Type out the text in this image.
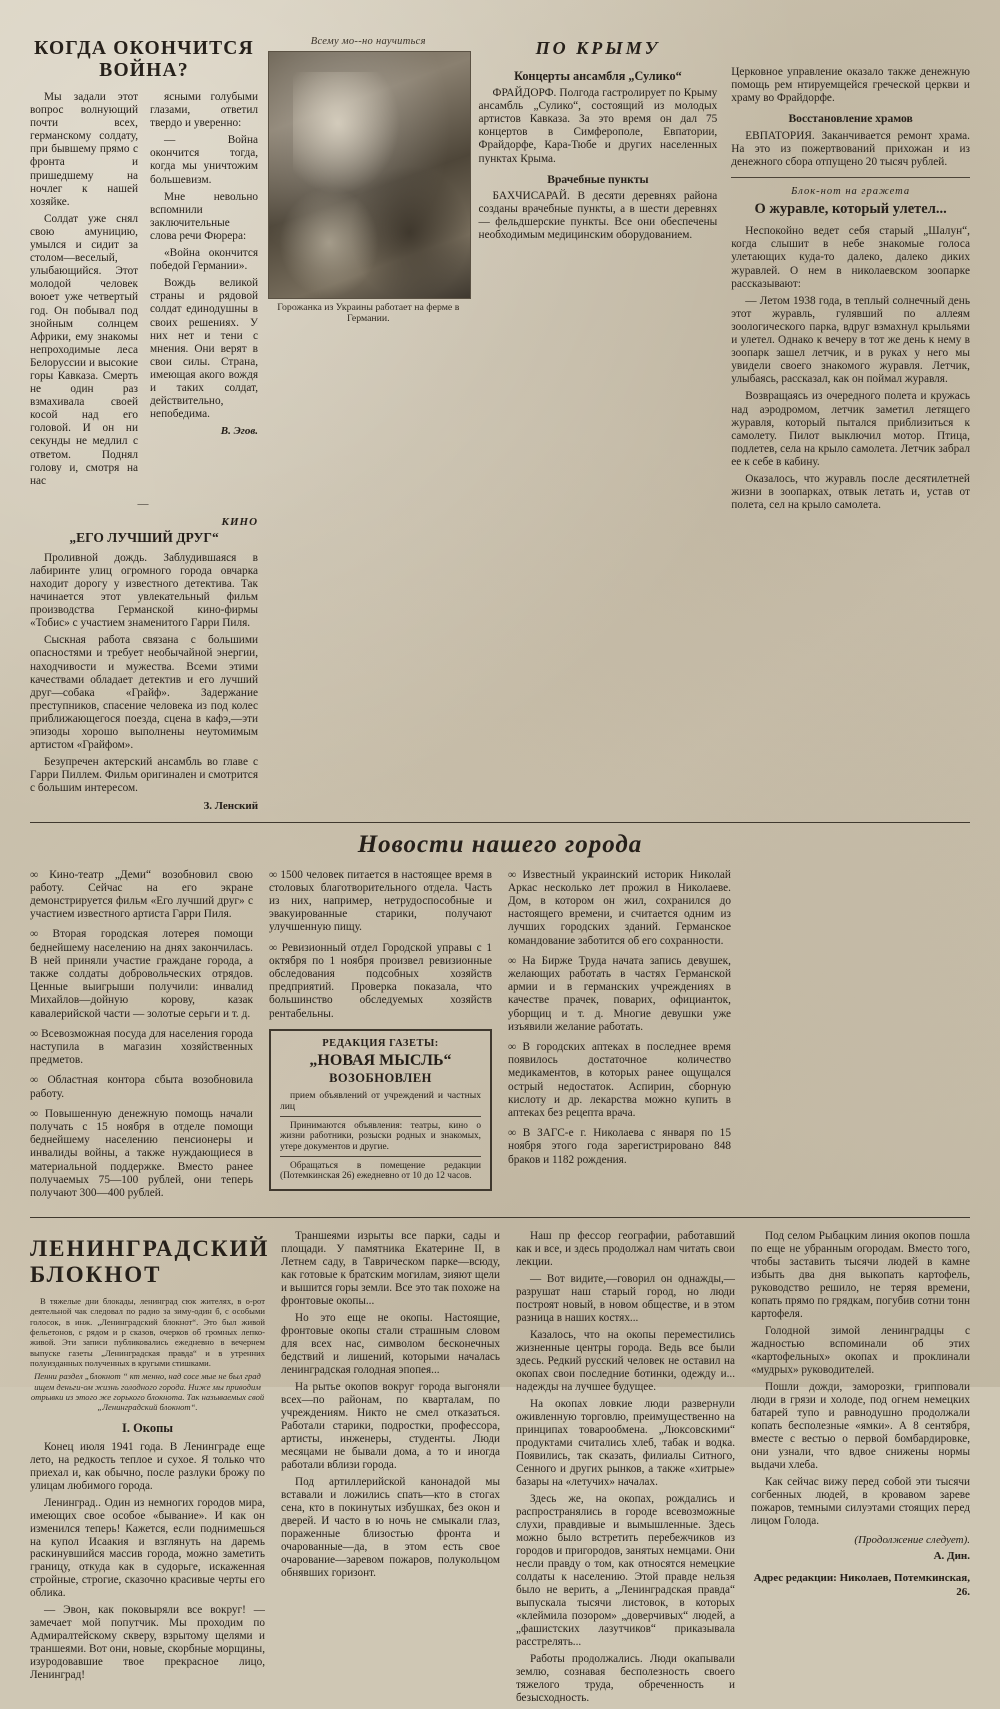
КОГДА ОКОНЧИТСЯ ВОЙНА?

Мы задали этот вопрос волнующий почти всех, германскому солдату, при бывшему прямо с фронта и пришедшему на ночлег к нашей хозяйке.

Солдат уже снял свою амуницию, умылся и сидит за столом—веселый, улыбающийся. Этот молодой человек воюет уже четвертый год. Он побывал под знойным солнцем Африки, ему знакомы непроходимые леса Белоруссии и высокие горы Кавказа. Смерть не один раз взмахивала своей косой над его головой. И он ни секунды не медлил с ответом. Поднял голову и, смотря на нас

ясными голубыми глазами, ответил твердо и уверенно:

— Война окончится тогда, когда мы уничтожим большевизм.

Мне невольно вспомнили заключительные слова речи Фюрера:

«Война окончится победой Германии».

Вождь великой страны и рядовой солдат единодушны в своих решениях. У них нет и тени с мнения. Они верят в свои силы. Страна, имеющая акого вождя и таких солдат, действительно, непобедима.

В. Эгов.
—
КИНО
„ЕГО ЛУЧШИЙ ДРУГ“

Проливной дождь. Заблудившаяся в лабиринте улиц огромного города овчарка находит дорогу у известного детектива. Так начинается этот увлекательный фильм производства Германской кино-фирмы «Тобис» с участием знаменитого Гарри Пиля.

Сыскная работа связана с большими опасностями и требует необычайной энергии, находчивости и мужества. Всеми этими качествами обладает детектив и его лучший друг—собака «Грайф». Задержание преступников, спасение человека из под колес приближающегося поезда, сцена в кафэ,—эти эпизоды хорошо выполнены неутомимым артистом «Грайфом».

Безупречен актерский ансамбль во главе с Гарри Пиллем. Фильм оригинален и смотрится с большим интересом.

З. Ленский
Всему мо--но научиться
Горожанка из Украины работает на ферме в Германии.
ПО КРЫМУ
Концерты ансамбля „Сулико“

ФРАЙДОРФ. Полгода гастролирует по Крыму ансамбль „Сулико“, состоящий из молодых артистов Кавказа. За это время он дал 75 концертов в Симферополе, Евпатории, Фрайдорфе, Кара-Тюбе и других населенных пунктах Крыма.

Врачебные пункты

БАХЧИСАРАЙ. В десяти деревнях района созданы врачебные пункты, а в шести деревнях — фельдшерские пункты. Все они обеспечены необходимым медицинским оборудованием.

Церковное управление оказало также денежную помощь рем нтируемщейся греческой церкви и храму во Фрайдорфе.

Восстановление храмов

ЕВПАТОРИЯ. Заканчивается ремонт храма. На это из пожертвований прихожан и из денежного сбора отпущено 20 тысяч рублей.

Блок-нот на гражета
О журавле, который улетел...

Неспокойно ведет себя старый „Шалун“, когда слышит в небе знакомые голоса улетающих куда-то далеко, далеко диких журавлей. О нем в николаевском зоопарке рассказывают:

— Летом 1938 года, в теплый солнечный день этот журавль, гулявший по аллеям зоологического парка, вдруг взмахнул крыльями и улетел. Однако к вечеру в тот же день к нему в зоопарк зашел летчик, и в руках у него мы увидели своего знакомого журавля. Летчик, улыбаясь, рассказал, как он поймал журавля.

Возвращаясь из очередного полета и кружась над аэродромом, летчик заметил летящего журавля, который пытался приблизиться к самолету. Пилот выключил мотор. Птица, подлетев, села на крыло самолета. Летчик забрал ее к себе в кабину.

Оказалось, что журавль после десятилетней жизни в зоопарках, отвык летать и, устав от полета, сел на крыло самолета.

Новости нашего города
∞ Кино-театр „Деми“ возобновил свою работу. Сейчас на его экране демонстрируется фильм «Его лучший друг» с участием известного артиста Гарри Пиля.
∞ Вторая городская лотерея помощи беднейшему населению на днях закончилась. В ней приняли участие граждане города, а также солдаты добровольческих отрядов. Ценные выигрыши получили: инвалид Михайлов—дойную корову, казак кавалерийской части — золотые серьги и т. д.
∞ Всевозможная посуда для населения города наступила в магазин хозяйственных предметов.
∞ Областная контора сбыта возобновила работу.
∞ Повышенную денежную помощь начали получать с 15 ноября в отделе помощи беднейшему населению пенсионеры и инвалиды войны, а также нуждающиеся в материальной поддержке. Вместо ранее получаемых 75—100 рублей, они теперь получают 300—400 рублей.
∞ 1500 человек питается в настоящее время в столовых благотворительного отдела. Часть из них, например, нетрудоспособные и эвакуированные старики, получают улучшенную пищу.
∞ Ревизионный отдел Городской управы с 1 октября по 1 ноября произвел ревизионные обследования подсобных хозяйств предприятий. Проверка показала, что большинство обследуемых хозяйств рентабельны.
РЕДАКЦИЯ ГАЗЕТЫ:
„НОВАЯ МЫСЛЬ“
ВОЗОБНОВЛЕН
прием объявлений от учреждений и частных лиц
Принимаются объявления: театры, кино о жизни работники, розыски родных и знакомых, утере документов и другие.
Обращаться в помещение редакции (Потемкинская 26) ежедневно от 10 до 12 часов.
∞ Известный украинский историк Николай Аркас несколько лет прожил в Николаеве. Дом, в котором он жил, сохранился до настоящего времени, и считается одним из лучших городских зданий. Германское командование заботится об его сохранности.
∞ На Бирже Труда начата запись девушек, желающих работать в частях Германской армии и в германских учреждениях в качестве прачек, поварих, официанток, уборщиц и т. д. Многие девушки уже изъявили желание работать.
∞ В городских аптеках в последнее время появилось достаточное количество медикаментов, в которых ранее ощущался острый недостаток. Аспирин, сборную кислоту и др. лекарства можно купить в аптеках без рецепта врача.
∞ В ЗАГС-е г. Николаева с января по 15 ноября этого года зарегистрировано 848 браков и 1182 рождения.
ЛЕНИНГРАДСКИЙ БЛОКНОТ
В тяжелые дни блокады, ленинград сюк жителях, в о-рот деятельной чак следовал по радио за зиму-один б, с особыми голосок, в инж. „Ленинградский блокнот“. Это был живой фельетонов, с рядом и р сказов, очерков об громных лепко- живой. Эти записи публиковались ежедневно в вечернем выпуске газеты „Ленинградская правда“ и в утренних полуизданных полученных в кругыми стишками.
Пенни раздел „блокнот “ кт менно, над сосе мые не был град ищем деньги-ом жизнь голодного города. Ниже мы приводим отрывки из этого же горького блокнота. Так называемых свой „Ленинградский блокнот“.
I. Окопы

Конец июля 1941 года. В Ленинграде еще лето, на редкость теплое и сухое. Я только что приехал и, как обычно, после разлуки брожу по улицам любимого города.

Ленинград.. Один из немногих городов мира, имеющих свое особое «бывание». И как он изменился теперь! Кажется, если поднимешься на купол Исаакия и взглянуть на даремь раскинувшийся массив города, можно заметить границу, откуда как в судорьге, искаженная стройные, строгие, сказочно красивые черты его облика.

— Эвон, как поковыряли все вокруг! — замечает мой попутчик. Мы проходим по Адмиралтейскому скверу, взрытому щелями и траншеями. Вот они, новые, скорбные морщины, изуродовавшие твое прекрасное лицо, Ленинград!

Траншеями изрыты все парки, сады и площади. У памятника Екатерине II, в Летнем саду, в Таврическом парке—всюду, как готовые к братским могилам, зияют щели и вышится горы земли. Все это так похоже на фронтовые окопы...

Но это еще не окопы. Настоящие, фронтовые окопы стали страшным словом для всех нас, символом бесконечных бедствий и лишений, которыми началась ленинградская голодная эпопея...

На рытье окопов вокруг города выгоняли всех—по районам, по кварталам, по учреждениям. Никто не смел отказаться. Работали старики, подростки, профессора, артисты, инженеры, студенты. Люди месяцами не бывали дома, а то и иногда работали вблизи города.

Под артиллерийской канонадой мы вставали и ложились спать—кто в стогах сена, кто в покинутых избушках, без окон и дверей. И часто в ю ночь не смыкали глаз, пораженные близостью фронта и очарованные—да, в этом есть свое очарование—заревом пожаров, полукольцом обнявших горизонт.

Наш пр фессор географии, работавший как и все, и здесь продолжал нам читать свои лекции.

— Вот видите,—говорил он однажды,—разрушат наш старый город, но люди построят новый, в новом обществе, и в этом разница в наших костях...

Казалось, что на окопы переместились жизненные центры города. Ведь все были здесь. Редкий русский человек не оставил на окопах свои последние ботинки, одежду и... надежды на лучшее будущее.

На окопах ловкие люди развернули оживленную торговлю, преимущественно на принципах товарообмена. „Люксовскими“ продуктами считались хлеб, табак и водка. Появились, так сказать, филиалы Ситного, Сенного и других рынков, а также «хитрые» базары на «летучих» началах.

Здесь же, на окопах, рождались и распространялись в городе всевозможные слухи, правдивые и вымышленные. Здесь можно было встретить перебежчиков из городов и пригородов, занятых немцами. Они несли правду о том, как относятся немецкие солдаты к населению. Этой правде нельзя было не верить, а „Ленинградская правда“ выпускала тысячи листовок, в которых «клеймила позором» „доверчивых“ людей, а „фашистских лазутчиков“ приказывала расстрелять...

Работы продолжались. Люди окапывали землю, сознавая бесполезность своего тяжелого труда, обреченность и безысходность.

Под селом Рыбацким линия окопов пошла по еще не убранным огородам. Вместо того, чтобы заставить тысячи людей в камне избыть два дня выкопать картофель, руководство решило, не теряя времени, копать прямо по грядкам, погубив сотни тонн картофеля.

Голодной зимой ленинградцы с жадностью вспоминали об этих «картофельных» окопах и проклинали «мудрых» руководителей.

Пошли дожди, заморозки, грипповали люди в грязи и холоде, под огнем немецких батарей тупо и равнодушно продолжали копать бесполезные «ямки». А 8 сентября, вместе с вестью о первой бомбардировке, они узнали, что вдвое снижены нормы выдачи хлеба.

Как сейчас вижу перед собой эти тысячи согбенных людей, в кровавом зареве пожаров, темными силуэтами стоящих перед лицом Голода.

(Продолжение следует).
А. Дин.
Адрес редакции: Николаев, Потемкинская, 26.
